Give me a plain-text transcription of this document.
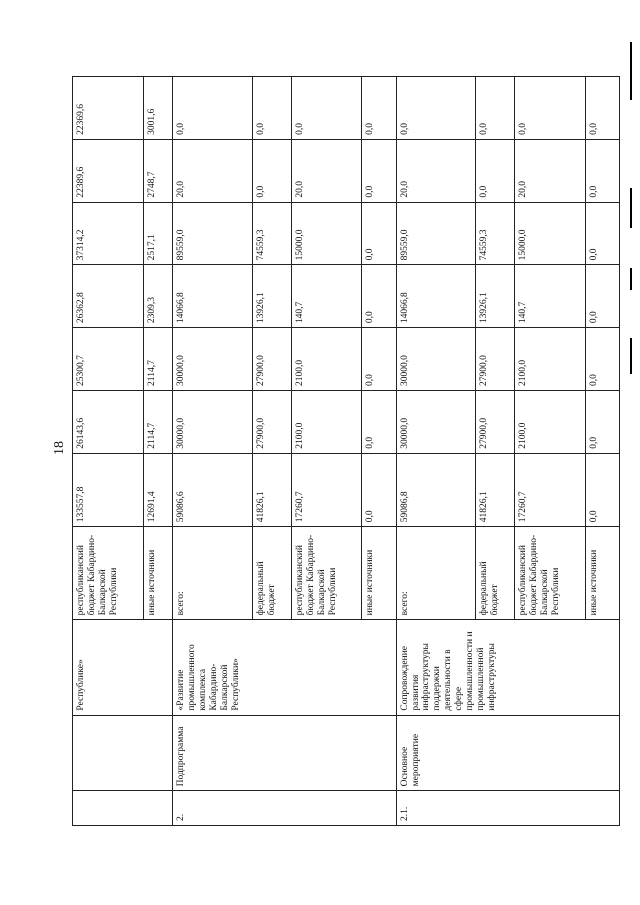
18
		Республике»	республиканский бюджет Кабардино-Балкарской Республики	133557,8	26143,6	25300,7	26362,8	37314,2	22389,6	22369,6
			иные источники	12691,4	2114,7	2114,7	2309,3	2517,1	2748,7	3001,6
2.	Подпрограмма	«Развитие промышленного комплекса Кабардино-Балкарской Республики»	всего:	59086,6	30000,0	30000,0	14066,8	89559,0	20,0	0,0
			федеральный бюджет	41826,1	27900,0	27900,0	13926,1	74559,3	0,0	0,0
			республиканский бюджет Кабардино-Балкарской Республики	17260,7	2100,0	2100,0	140,7	15000,0	20,0	0,0
			иные источники	0,0	0,0	0,0	0,0	0,0	0,0	0,0
2.1.	Основное мероприятие	Сопровождение развития инфраструктуры поддержки деятельности в сфере промышленности и промышленной инфраструктуры	всего:	59086,8	30000,0	30000,0	14066,8	89559,0	20,0	0,0
			федеральный бюджет	41826,1	27900,0	27900,0	13926,1	74559,3	0,0	0,0
			республиканский бюджет Кабардино-Балкарской Республики	17260,7	2100,0	2100,0	140,7	15000,0	20,0	0,0
			иные источники	0,0	0,0	0,0	0,0	0,0	0,0	0,0
